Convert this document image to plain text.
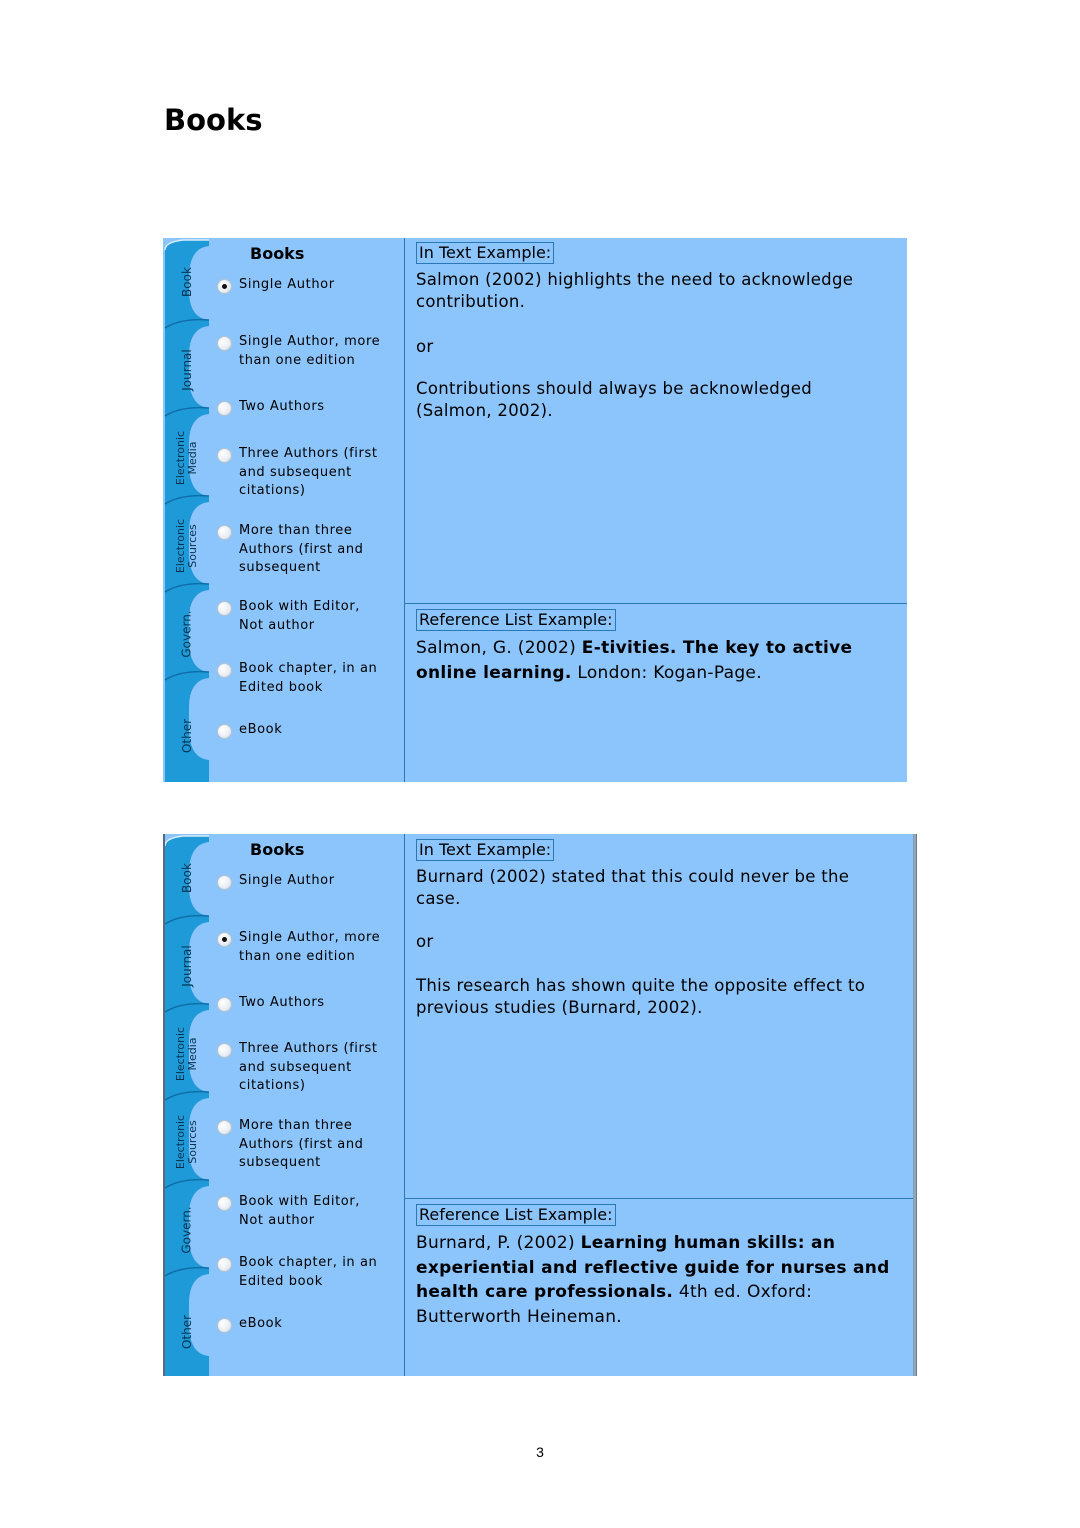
Books
Book
Journal
Electronic
Media
Electronic
Sources
Govern.
Other
Books
Single Author
Single Author, more
than one edition
Two Authors
Three Authors (first
and subsequent
citations)
More than three
Authors (first and
subsequent
Book with Editor,
Not author
Book chapter, in an
Edited book
eBook
In Text Example:
Salmon (2002) highlights the need to acknowledge contribution.
or
Contributions should always be acknowledged (Salmon, 2002).
Reference List Example:
Salmon, G. (2002) E-tivities. The key to active online learning. London: Kogan-Page.
Book
Journal
Electronic
Media
Electronic
Sources
Govern.
Other
Books
Single Author
Single Author, more
than one edition
Two Authors
Three Authors (first
and subsequent
citations)
More than three
Authors (first and
subsequent
Book with Editor,
Not author
Book chapter, in an
Edited book
eBook
In Text Example:
Burnard (2002) stated that this could never be the case.
or
This research has shown quite the opposite effect to previous studies (Burnard, 2002).
Reference List Example:
Burnard, P. (2002) Learning human skills: an experiential and reflective guide for nurses and health care professionals. 4th ed. Oxford: Butterworth Heineman.
3
